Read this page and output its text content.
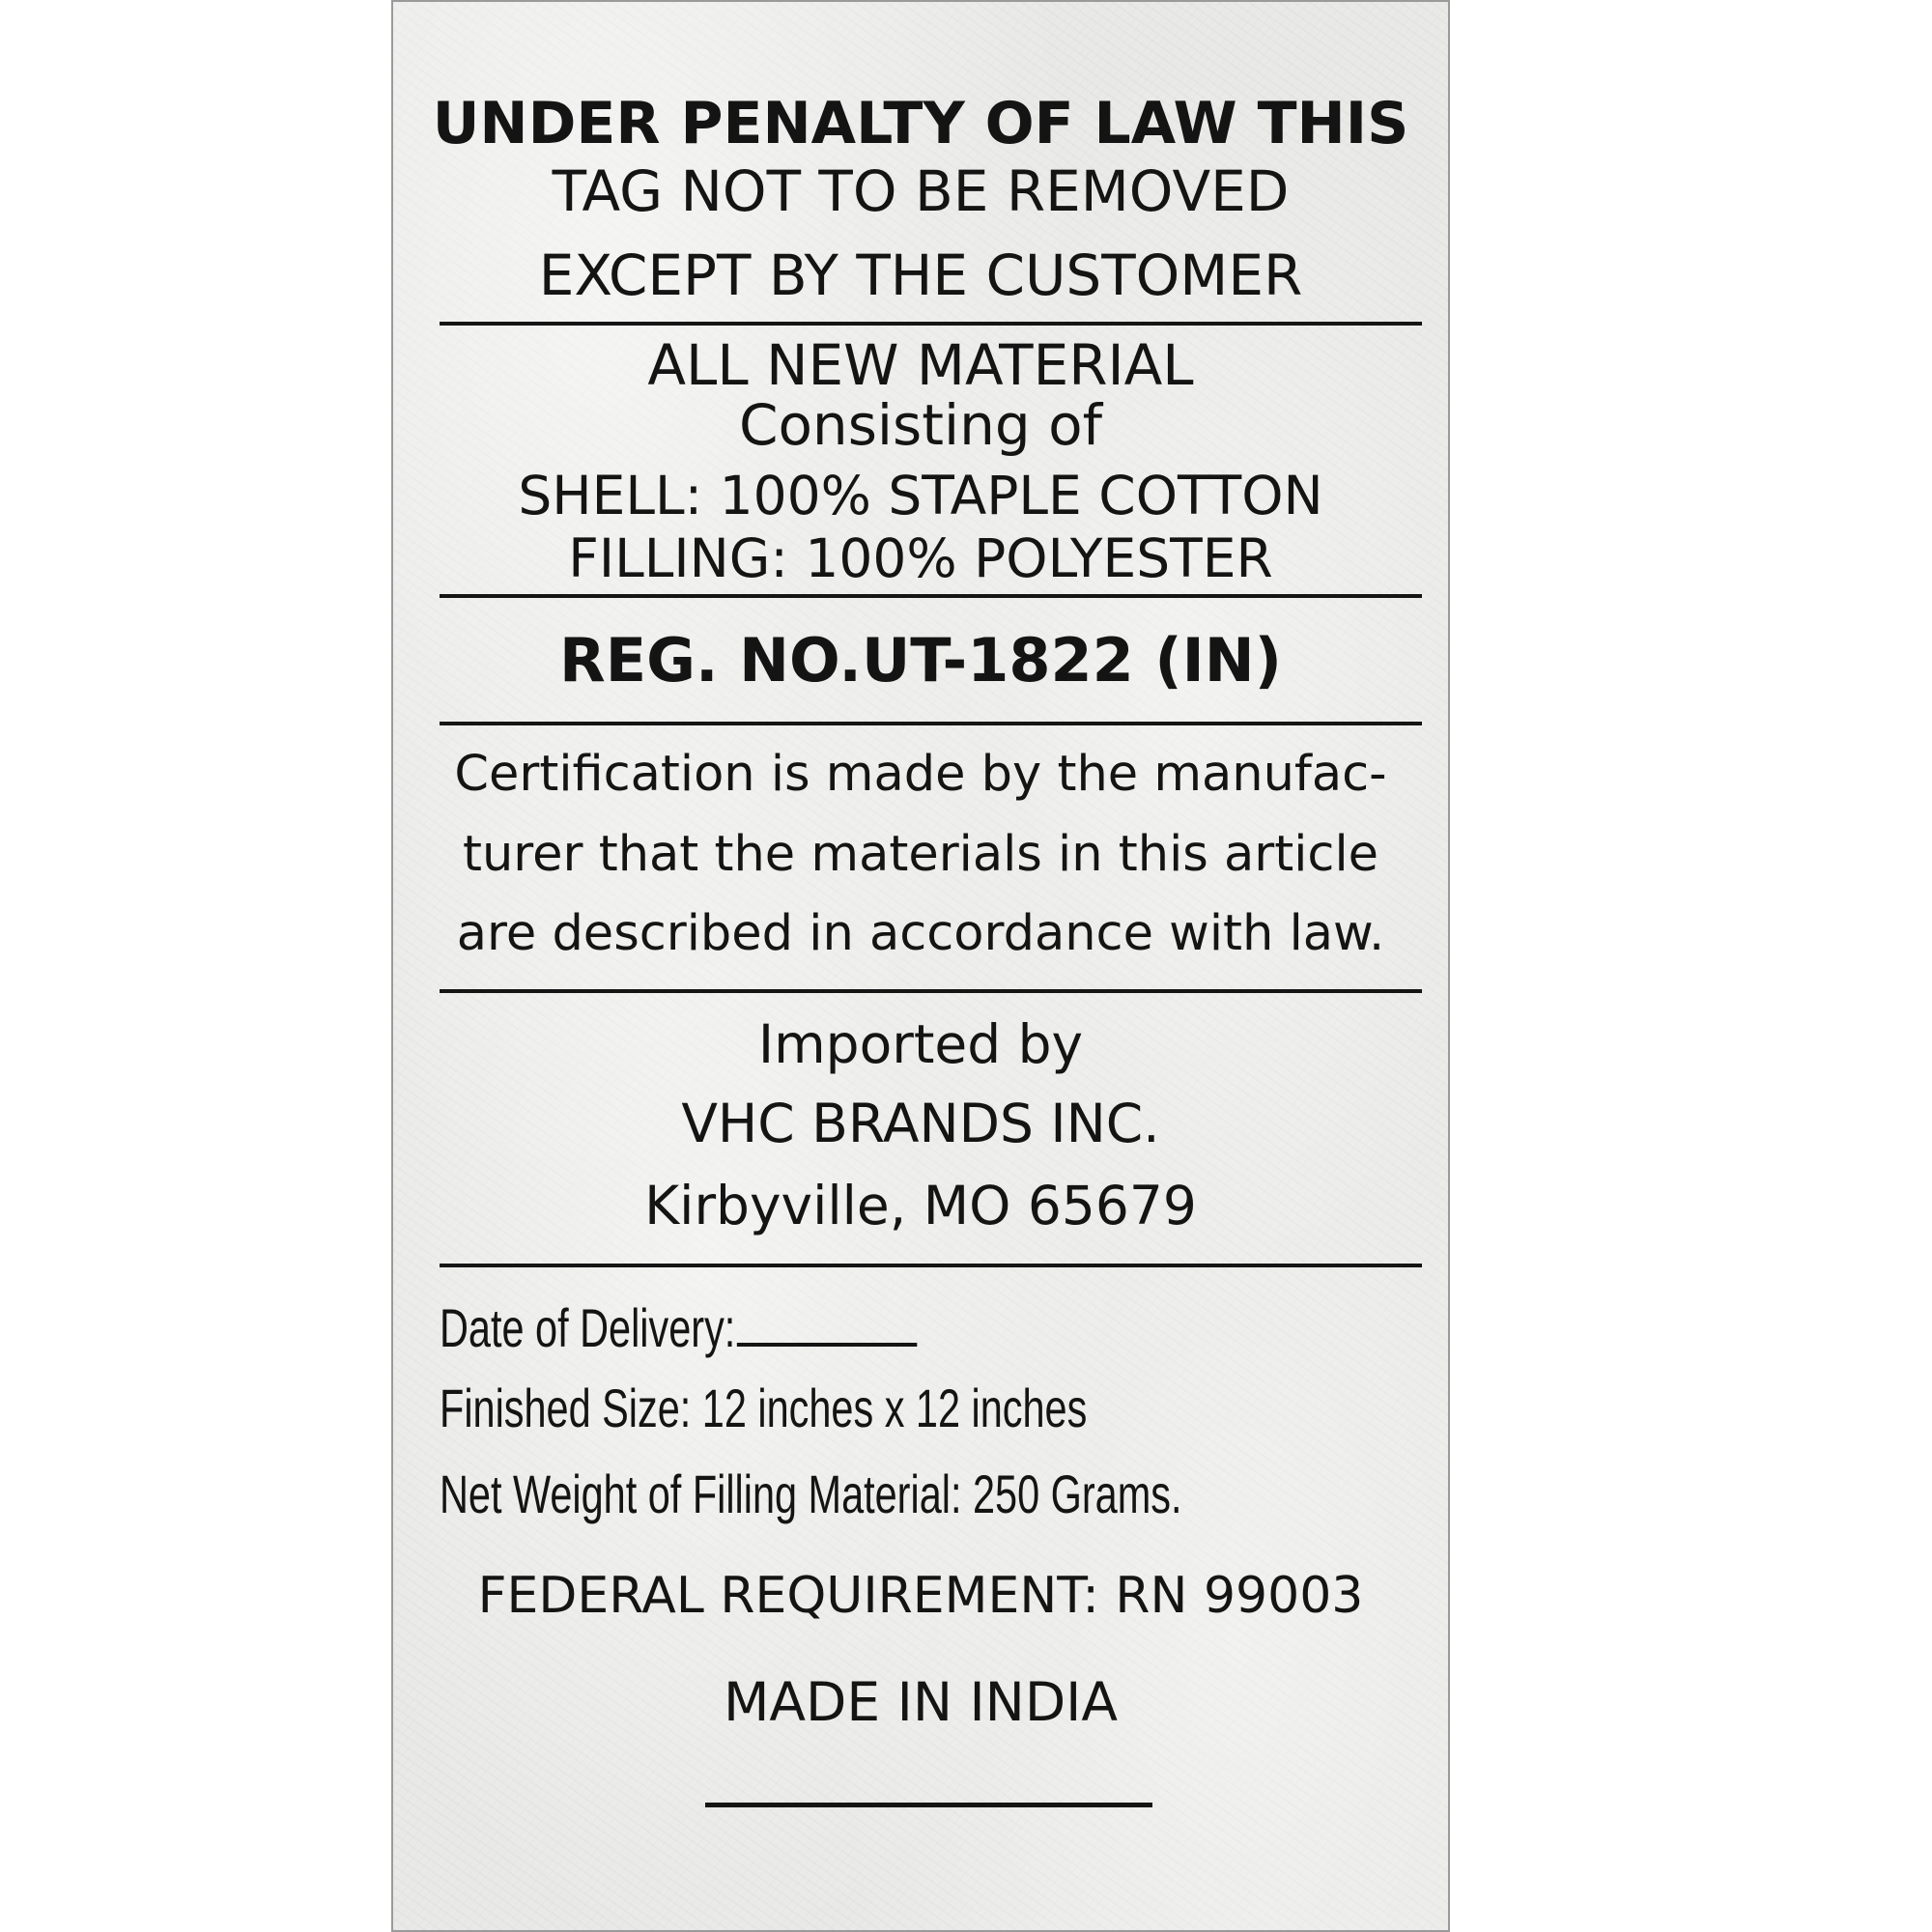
UNDER PENALTY OF LAW THIS
TAG NOT TO BE REMOVED
EXCEPT BY THE CUSTOMER
ALL NEW MATERIAL
Consisting of
SHELL: 100% STAPLE COTTON
FILLING: 100% POLYESTER
REG. NO.UT-1822 (IN)
Certification is made by the manufac-
turer that the materials in this article
are described in accordance with law.
Imported by
VHC BRANDS INC.
Kirbyville, MO 65679
Date of Delivery:
Finished Size: 12 inches x 12 inches
Net Weight of Filling Material: 250 Grams.
FEDERAL REQUIREMENT: RN 99003
MADE IN INDIA
